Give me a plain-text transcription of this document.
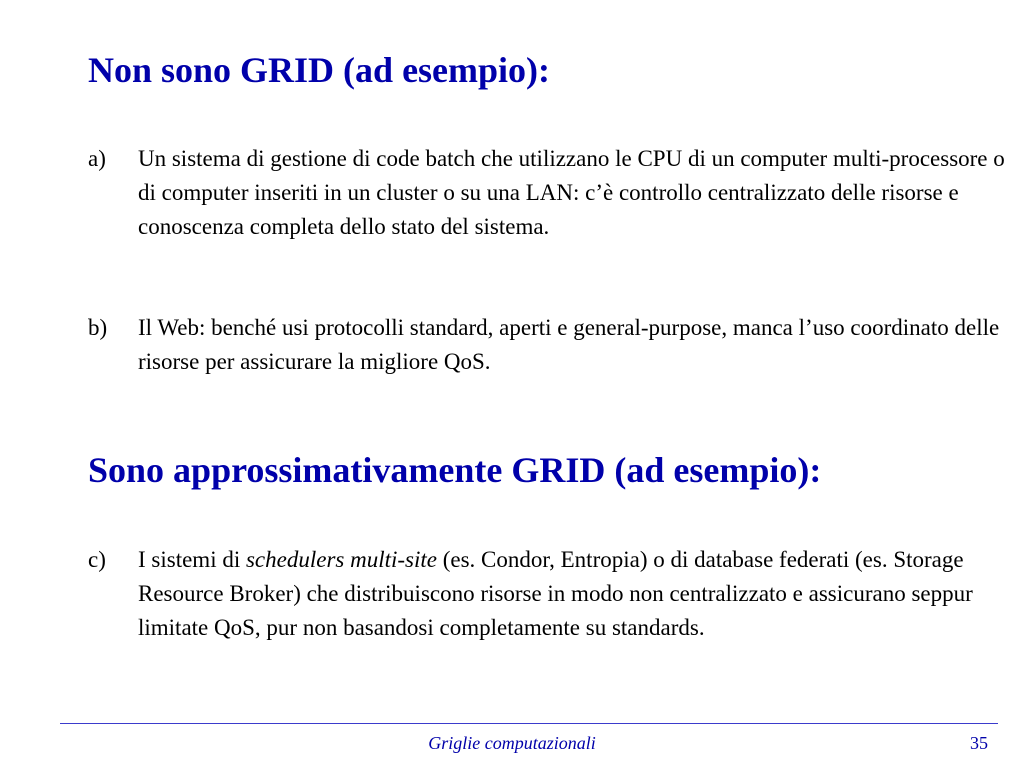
Non sono GRID (ad esempio):
a) Un sistema di gestione di code batch che utilizzano le CPU di un computer multi-processore o di computer inseriti in un cluster o su una LAN: c’è controllo centralizzato delle risorse e conoscenza completa dello stato del sistema.
b) Il Web: benché usi protocolli standard, aperti e general-purpose, manca l’uso coordinato delle risorse per assicurare la migliore QoS.
Sono approssimativamente GRID (ad esempio):
c) I sistemi di schedulers multi-site (es. Condor, Entropia) o di database federati (es. Storage Resource Broker) che distribuiscono risorse in modo non centralizzato e assicurano seppur limitate QoS, pur non basandosi completamente su standards.
Griglie computazionali	35
